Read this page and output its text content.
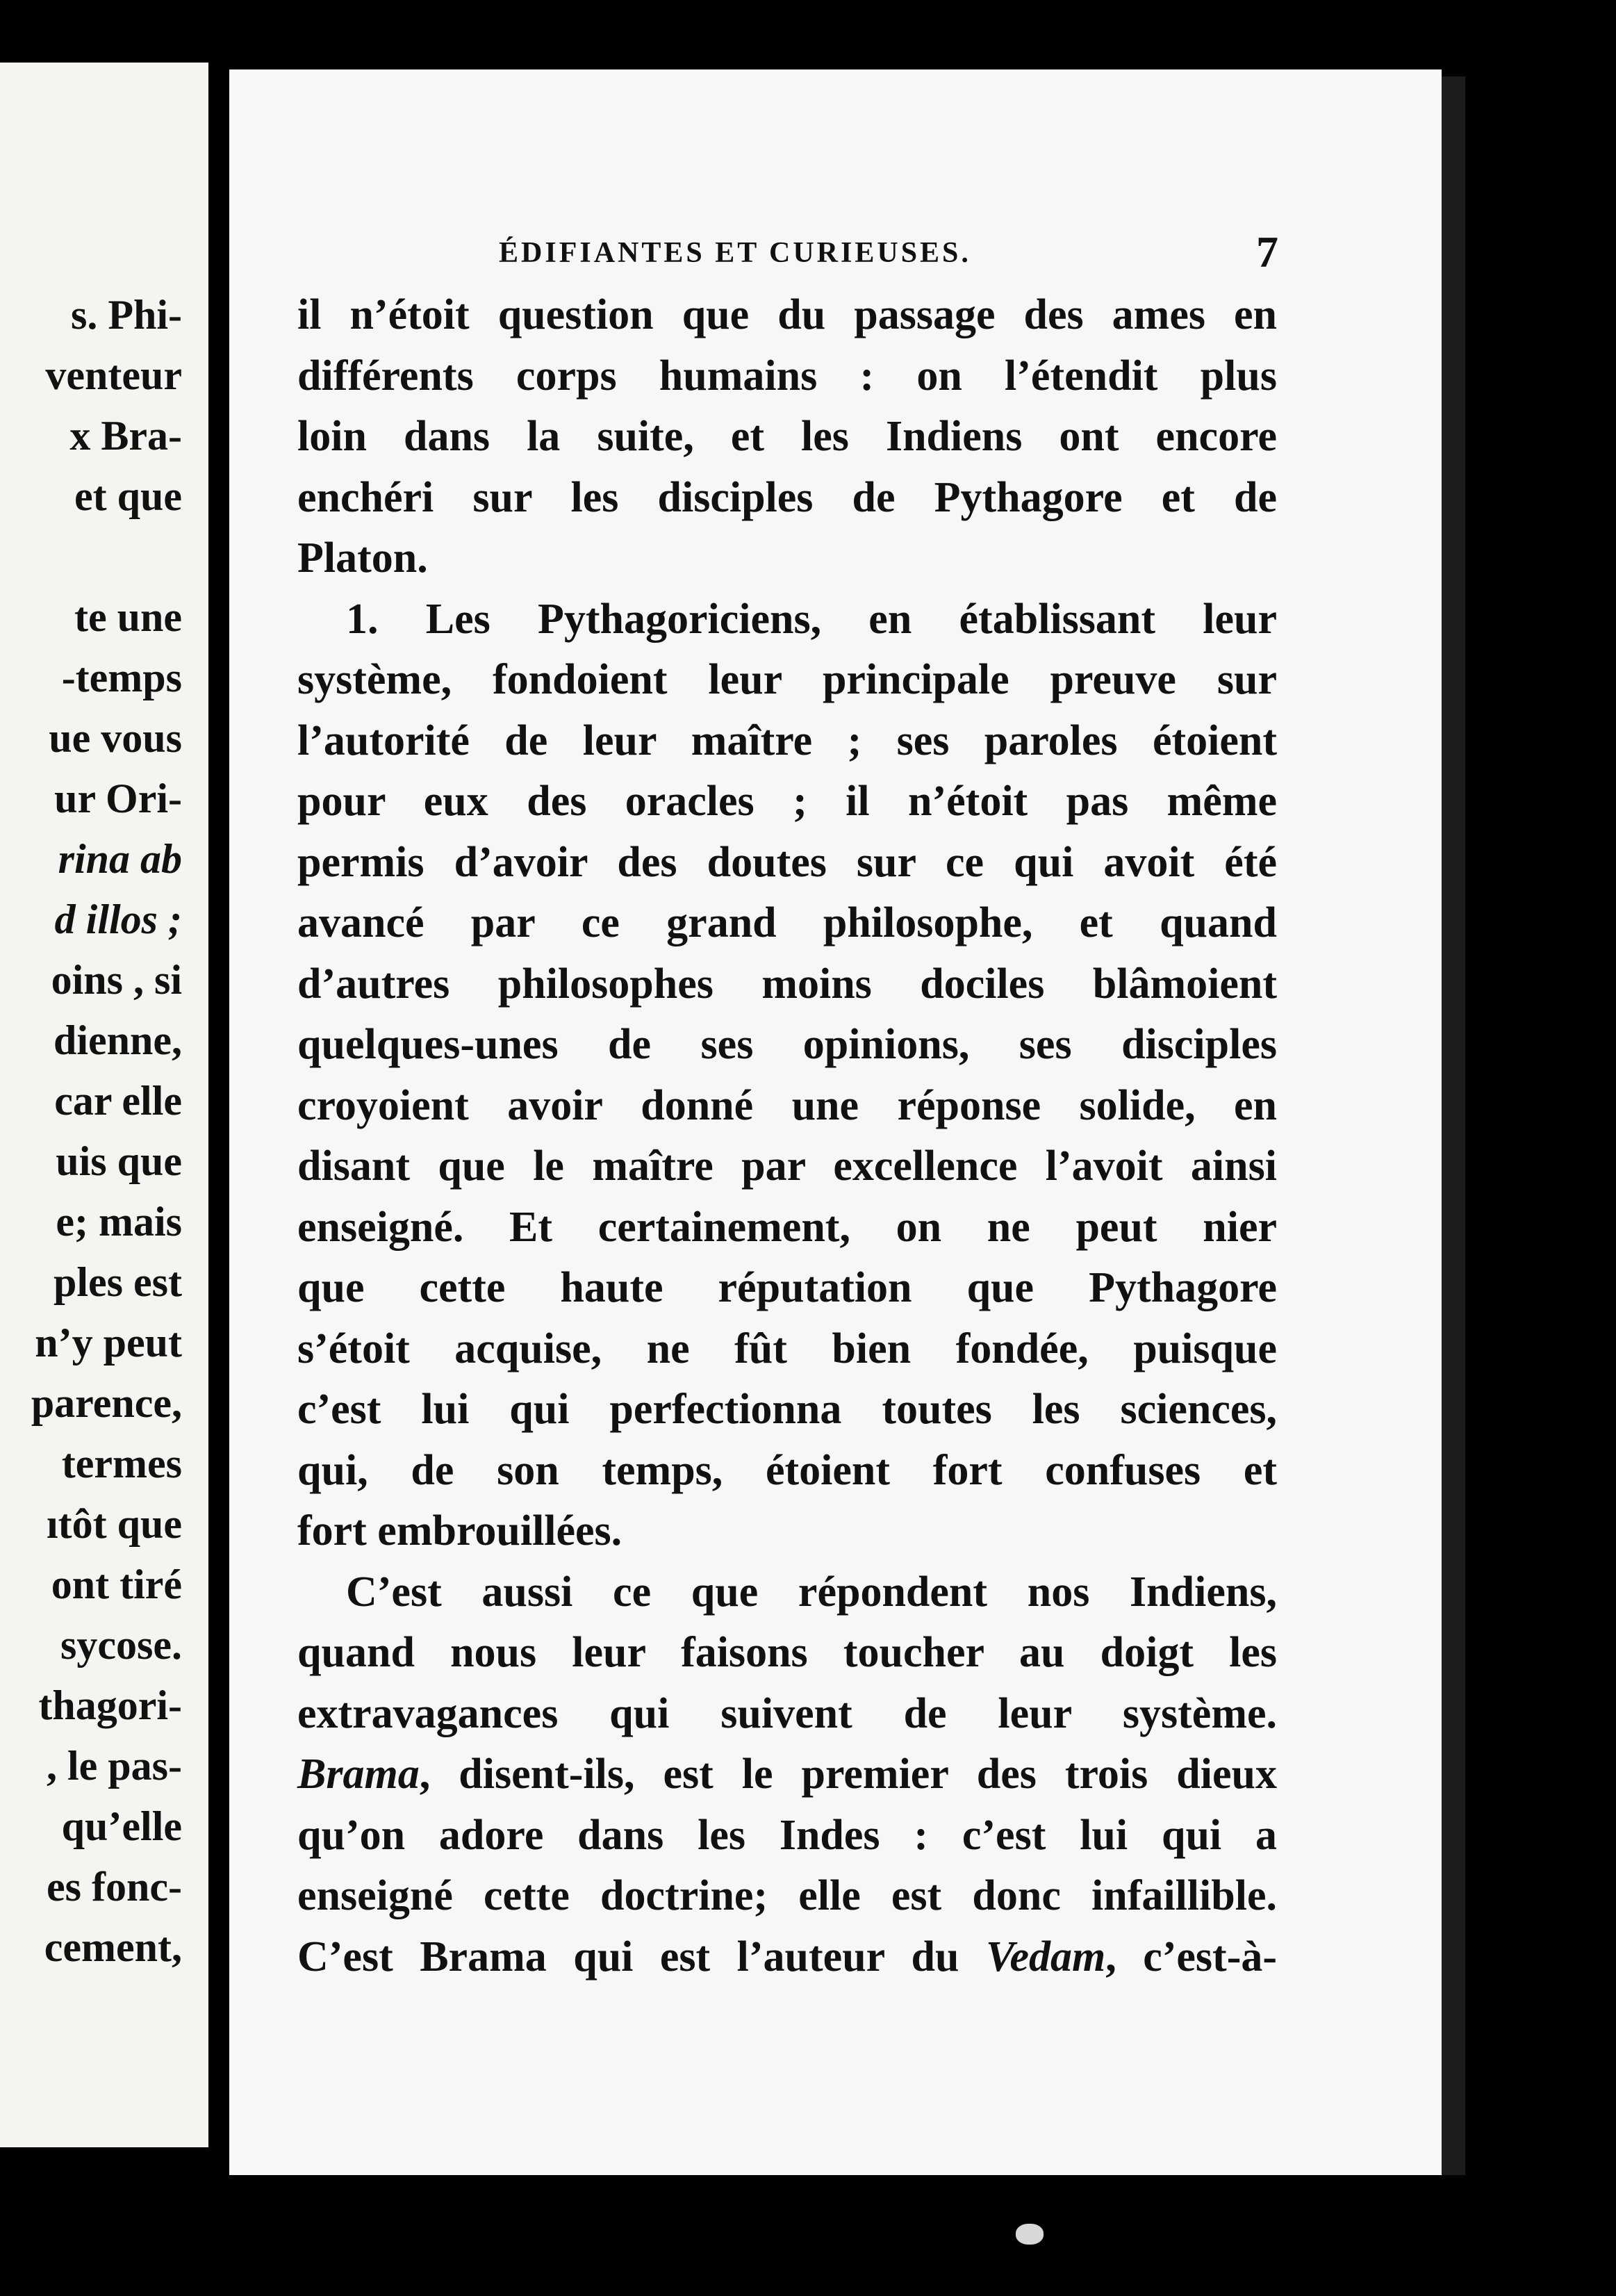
s. Phi-
venteur
x Bra-
et que
te une
-temps
ue vous
ur Ori-
rina ab
d illos ;
oins , si
dienne,
car elle
uis que
e; mais
ples est
n’y peut
parence,
termes
ıtôt que
ont tiré
sycose.
thagori-
, le pas-
qu’elle
es fonc-
cement,
ÉDIFIANTES ET CURIEUSES.	7
il n’étoit question que du passage des ames en
différents corps humains : on l’étendit plus
loin dans la suite, et les Indiens ont encore
enchéri sur les disciples de Pythagore et de
Platon.
1. Les Pythagoriciens, en établissant leur
système, fondoient leur principale preuve sur
l’autorité de leur maître ; ses paroles étoient
pour eux des oracles ; il n’étoit pas même
permis d’avoir des doutes sur ce qui avoit été
avancé par ce grand philosophe, et quand
d’autres philosophes moins dociles blâmoient
quelques-unes de ses opinions, ses disciples
croyoient avoir donné une réponse solide, en
disant que le maître par excellence l’avoit ainsi
enseigné. Et certainement, on ne peut nier
que cette haute réputation que Pythagore
s’étoit acquise, ne fût bien fondée, puisque
c’est lui qui perfectionna toutes les sciences,
qui, de son temps, étoient fort confuses et
fort embrouillées.
C’est aussi ce que répondent nos Indiens,
quand nous leur faisons toucher au doigt les
extravagances qui suivent de leur système.
Brama, disent-ils, est le premier des trois dieux
qu’on adore dans les Indes : c’est lui qui a
enseigné cette doctrine; elle est donc infaillible.
C’est Brama qui est l’auteur du Vedam, c’est-à-
